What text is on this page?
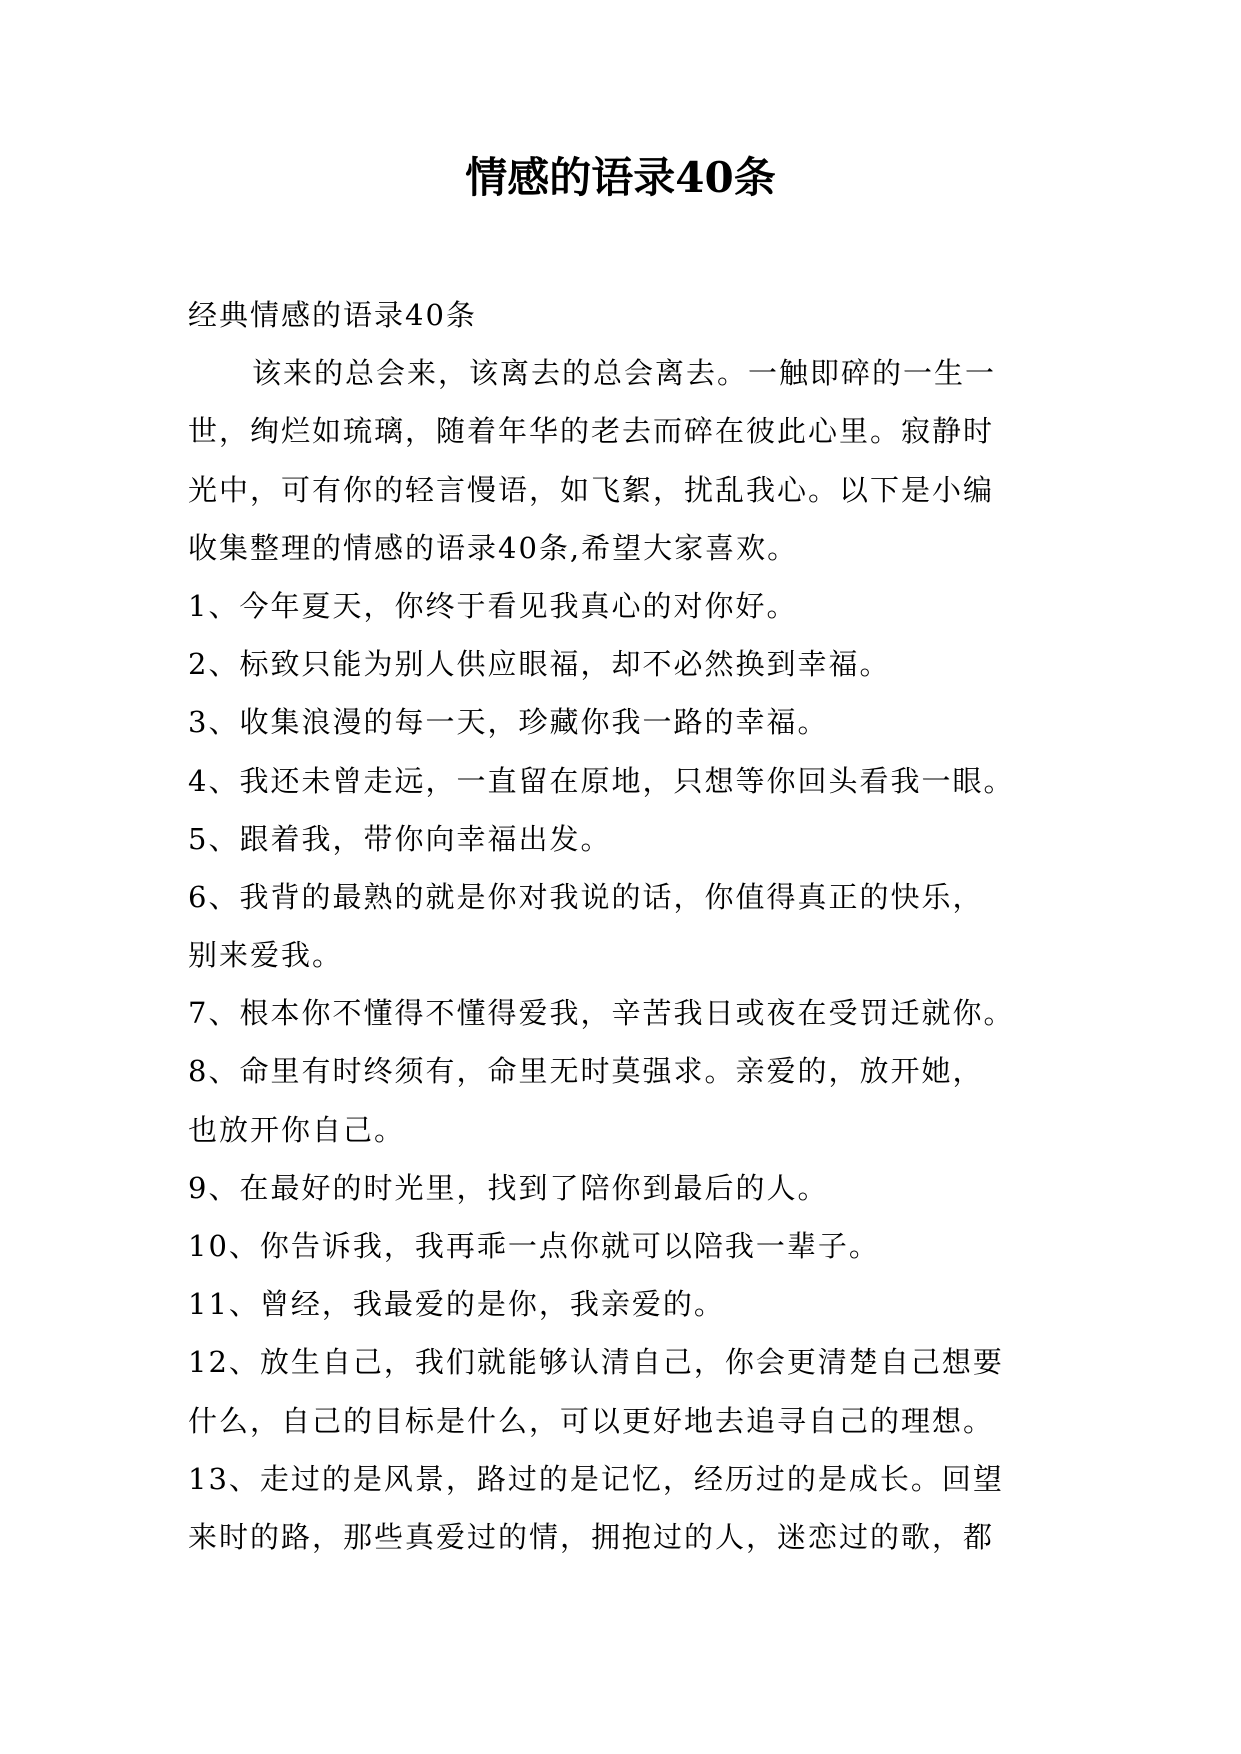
情感的语录40条
经典情感的语录40条
该来的总会来，该离去的总会离去。一触即碎的一生一
世，绚烂如琉璃，随着年华的老去而碎在彼此心里。寂静时
光中，可有你的轻言慢语，如飞絮，扰乱我心。以下是小编
收集整理的情感的语录40条,希望大家喜欢。
1、今年夏天，你终于看见我真心的对你好。
2、标致只能为别人供应眼福，却不必然换到幸福。
3、收集浪漫的每一天，珍藏你我一路的幸福。
4、我还未曾走远，一直留在原地，只想等你回头看我一眼。
5、跟着我，带你向幸福出发。
6、我背的最熟的就是你对我说的话，你值得真正的快乐，
别来爱我。
7、根本你不懂得不懂得爱我，辛苦我日或夜在受罚迁就你。
8、命里有时终须有，命里无时莫强求。亲爱的，放开她，
也放开你自己。
9、在最好的时光里，找到了陪你到最后的人。
10、你告诉我，我再乖一点你就可以陪我一辈子。
11、曾经，我最爱的是你，我亲爱的。
12、放生自己，我们就能够认清自己，你会更清楚自己想要
什么，自己的目标是什么，可以更好地去追寻自己的理想。
13、走过的是风景，路过的是记忆，经历过的是成长。回望
来时的路，那些真爱过的情，拥抱过的人，迷恋过的歌，都
